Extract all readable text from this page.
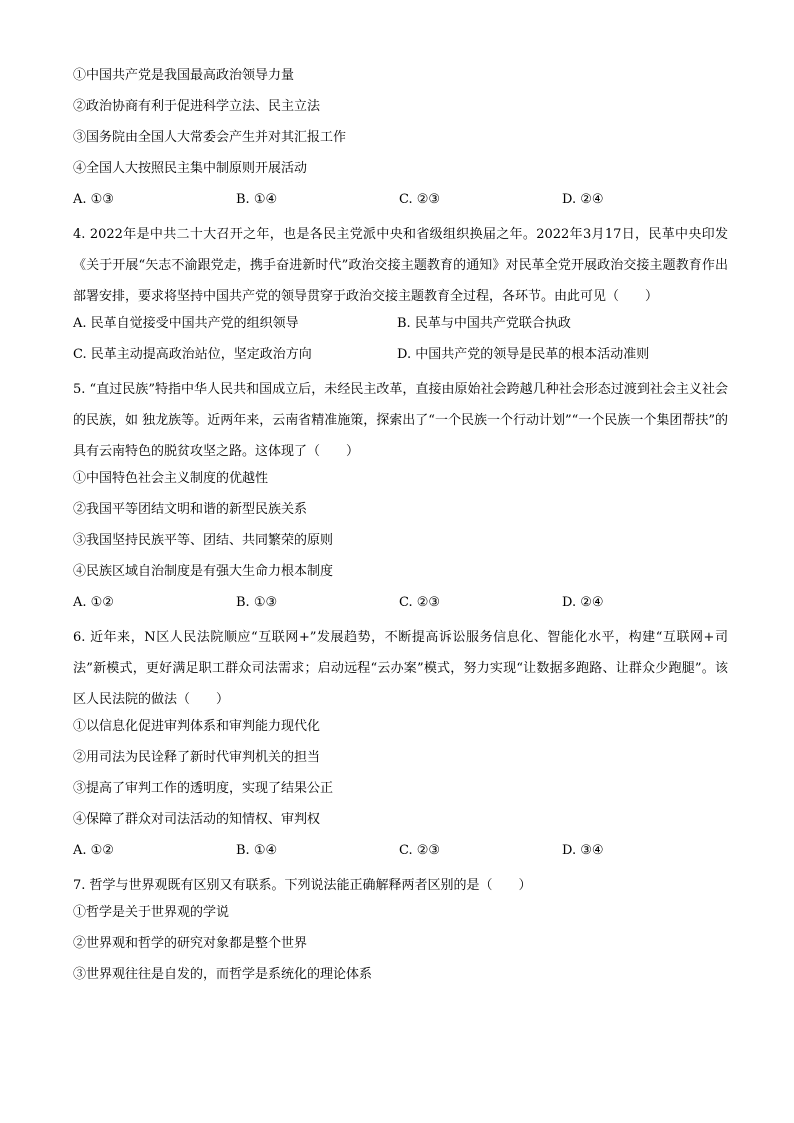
①中国共产党是我国最高政治领导力量
②政治协商有利于促进科学立法、民主立法
③国务院由全国人大常委会产生并对其汇报工作
④全国人大按照民主集中制原则开展活动
A. ①③	B. ①④	C. ②③	D. ②④

4. 2022年是中共二十大召开之年，也是各民主党派中央和省级组织换届之年。2022年3月17日，民革中央印发《关于开展“矢志不渝跟党走，携手奋进新时代”政治交接主题教育的通知》对民革全党开展政治交接主题教育作出部署安排，要求将坚持中国共产党的领导贯穿于政治交接主题教育全过程，各环节。由此可见（　　）

A. 民革自觉接受中国共产党的组织领导	B. 民革与中国共产党联合执政
C. 民革主动提高政治站位，坚定政治方向	D. 中国共产党的领导是民革的根本活动准则

5. “直过民族”特指中华人民共和国成立后，未经民主改革，直接由原始社会跨越几种社会形态过渡到社会主义社会的民族，如 独龙族等。近两年来，云南省精准施策，探索出了“一个民族一个行动计划”“一个民族一个集团帮扶”的具有云南特色的脱贫攻坚之路。这体现了（　　）

①中国特色社会主义制度的优越性
②我国平等团结文明和谐的新型民族关系
③我国坚持民族平等、团结、共同繁荣的原则
④民族区域自治制度是有强大生命力根本制度
A. ①②	B. ①③	C. ②③	D. ②④

6. 近年来，N区人民法院顺应“互联网+”发展趋势，不断提高诉讼服务信息化、智能化水平，构建“互联网+司法”新模式，更好满足职工群众司法需求；启动远程“云办案”模式，努力实现“让数据多跑路、让群众少跑腿”。该区人民法院的做法（　　）

①以信息化促进审判体系和审判能力现代化
②用司法为民诠释了新时代审判机关的担当
③提高了审判工作的透明度，实现了结果公正
④保障了群众对司法活动的知情权、审判权
A. ①②	B. ①④	C. ②③	D. ③④

7. 哲学与世界观既有区别又有联系。下列说法能正确解释两者区别的是（　　）

①哲学是关于世界观的学说
②世界观和哲学的研究对象都是整个世界
③世界观往往是自发的，而哲学是系统化的理论体系
